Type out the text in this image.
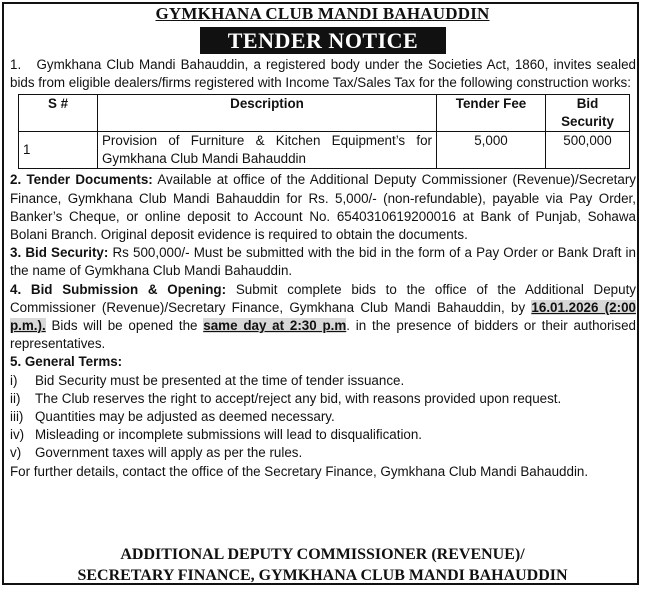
GYMKHANA CLUB MANDI BAHAUDDIN
TENDER NOTICE

1. Gymkhana Club Mandi Bahauddin, a registered body under the Societies Act, 1860, invites sealed bids from eligible dealers/firms registered with Income Tax/Sales Tax for the following construction works:

S #	Description	Tender Fee	Bid Security
1	Provision of Furniture & Kitchen Equipment’s for Gymkhana Club Mandi Bahauddin	5,000	500,000

2. Tender Documents: Available at office of the Additional Deputy Commissioner (Revenue)/Secretary Finance, Gymkhana Club Mandi Bahauddin for Rs. 5,000/- (non-refundable), payable via Pay Order, Banker’s Cheque, or online deposit to Account No. 6540310619200016 at Bank of Punjab, Sohawa Bolani Branch. Original deposit evidence is required to obtain the documents.

3. Bid Security: Rs 500,000/- Must be submitted with the bid in the form of a Pay Order or Bank Draft in the name of Gymkhana Club Mandi Bahauddin.

4. Bid Submission & Opening: Submit complete bids to the office of the Additional Deputy Commissioner (Revenue)/Secretary Finance, Gymkhana Club Mandi Bahauddin, by 16.01.2026 (2:00 p.m.). Bids will be opened the same day at 2:30 p.m. in the presence of bidders or their authorised representatives.

5. General Terms:

i) Bid Security must be presented at the time of tender issuance.
ii) The Club reserves the right to accept/reject any bid, with reasons provided upon request.
iii) Quantities may be adjusted as deemed necessary.
iv) Misleading or incomplete submissions will lead to disqualification.
v) Government taxes will apply as per the rules.

For further details, contact the office of the Secretary Finance, Gymkhana Club Mandi Bahauddin.

ADDITIONAL DEPUTY COMMISSIONER (REVENUE)/
SECRETARY FINANCE, GYMKHANA CLUB MANDI BAHAUDDIN
